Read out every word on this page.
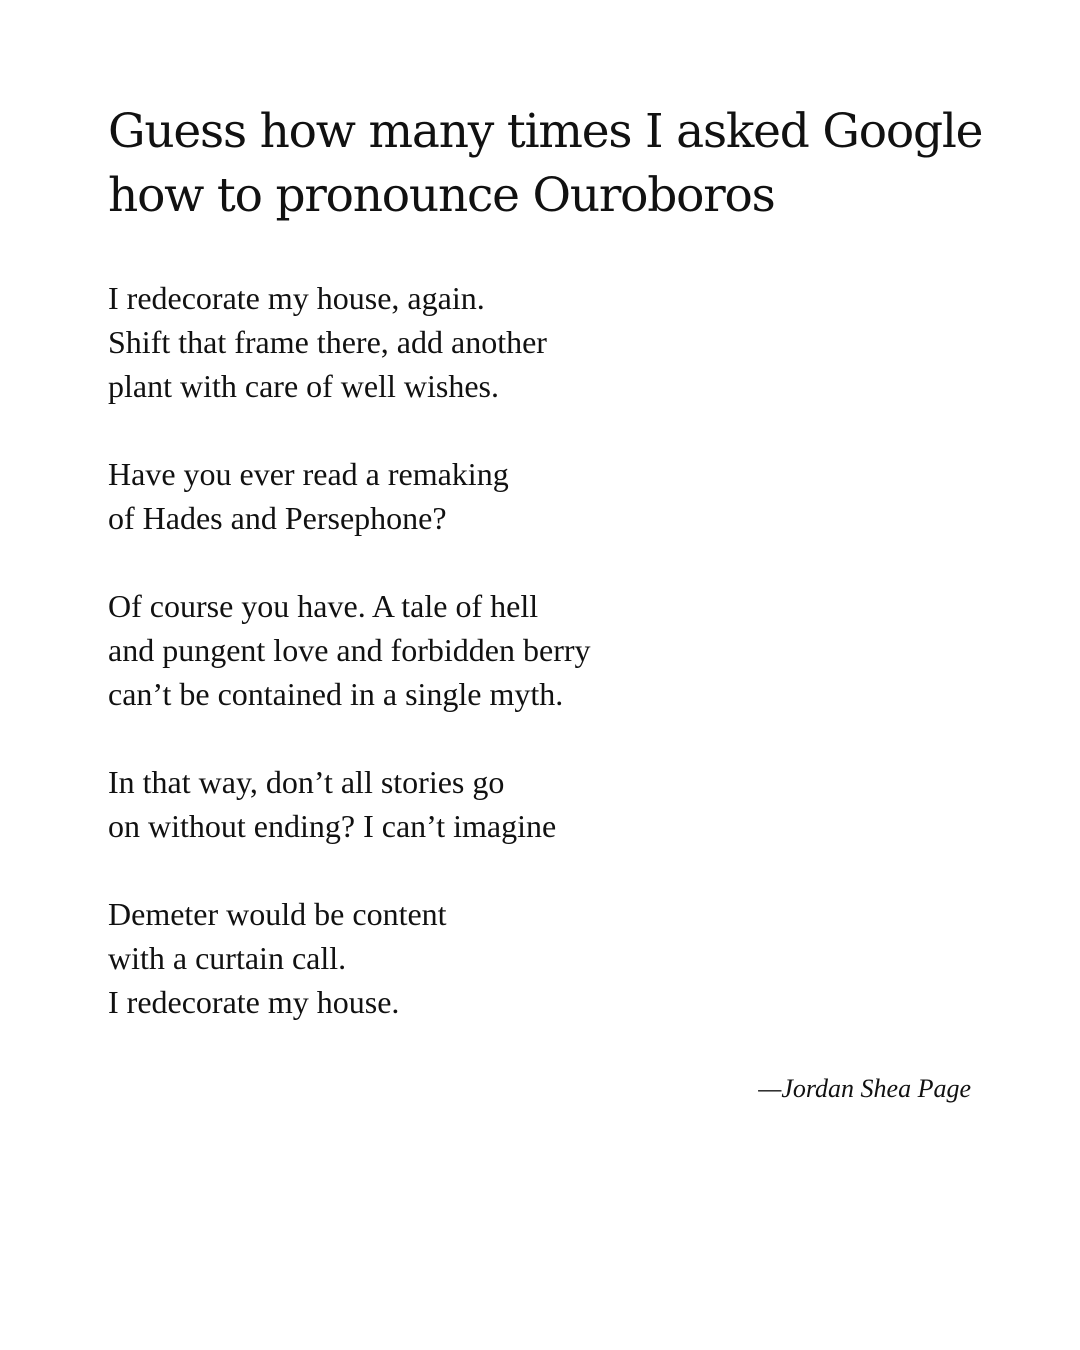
Guess how many times I asked Google
how to pronounce Ouroboros

I redecorate my house, again.
Shift that frame there, add another
plant with care of well wishes.

Have you ever read a remaking
of Hades and Persephone?

Of course you have. A tale of hell
and pungent love and forbidden berry
can’t be contained in a single myth.

In that way, don’t all stories go
on without ending? I can’t imagine

Demeter would be content
with a curtain call.
I redecorate my house.

—Jordan Shea Page
